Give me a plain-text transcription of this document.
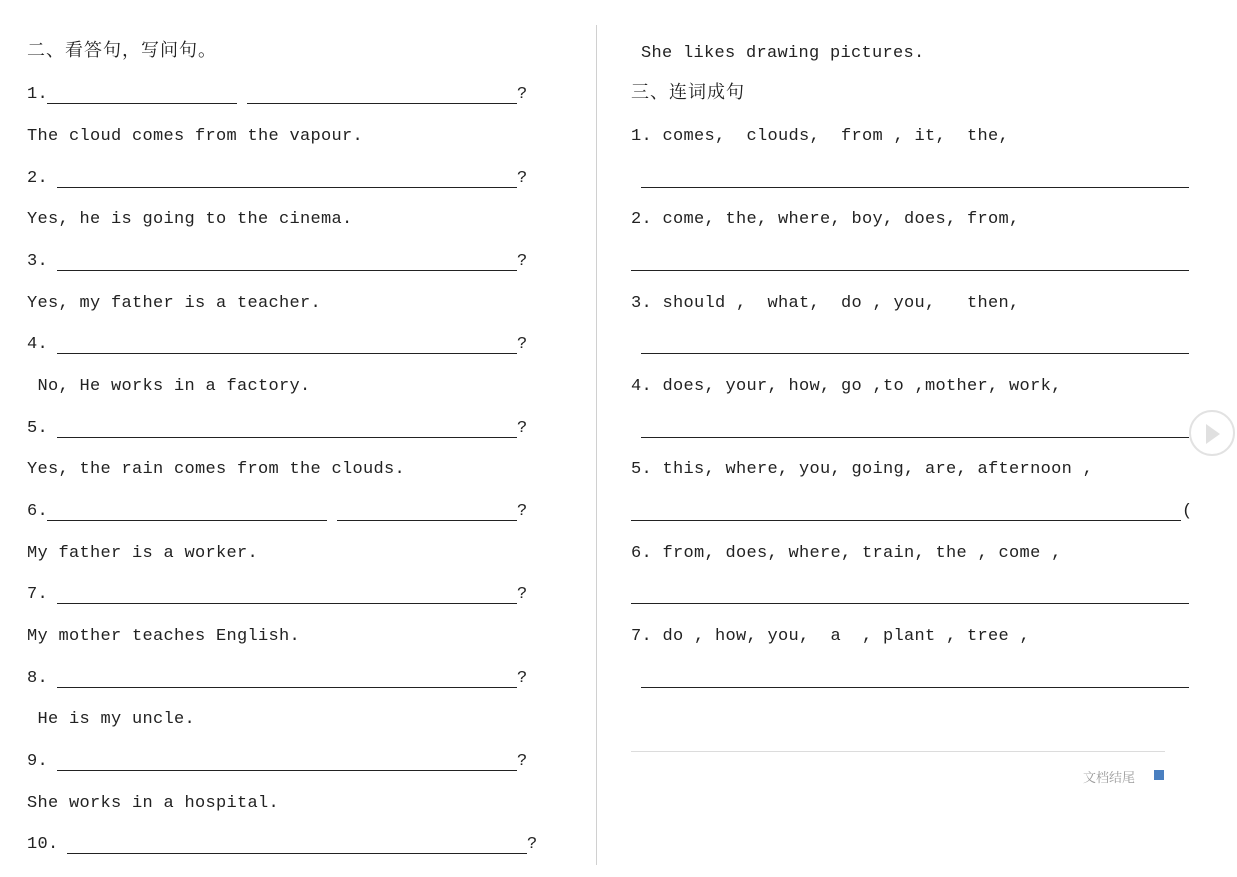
二、看答句，写问句。
1.	?
The cloud comes from the vapour.
2.	?
Yes, he is going to the cinema.
3.	?
Yes, my father is a teacher.
4.	?
No, He works in a factory.
5.	?
Yes, the rain comes from the clouds.
6.	?
My father is a worker.
7.	?
My mother teaches English.
8.	?
He is my uncle.
9.	?
She works in a hospital.
10.	?
She likes drawing pictures.
三、连词成句
1. comes,  clouds,  from , it,  the,
2. come, the, where, boy, does, from,
3. should ,  what,  do , you,   then,
4. does, your, how, go ,to ,mother, work,
5. this, where, you, going, are, afternoon ,
(
6. from, does, where, train, the , come ,
7. do , how, you,  a  , plant , tree ,
文档结尾
